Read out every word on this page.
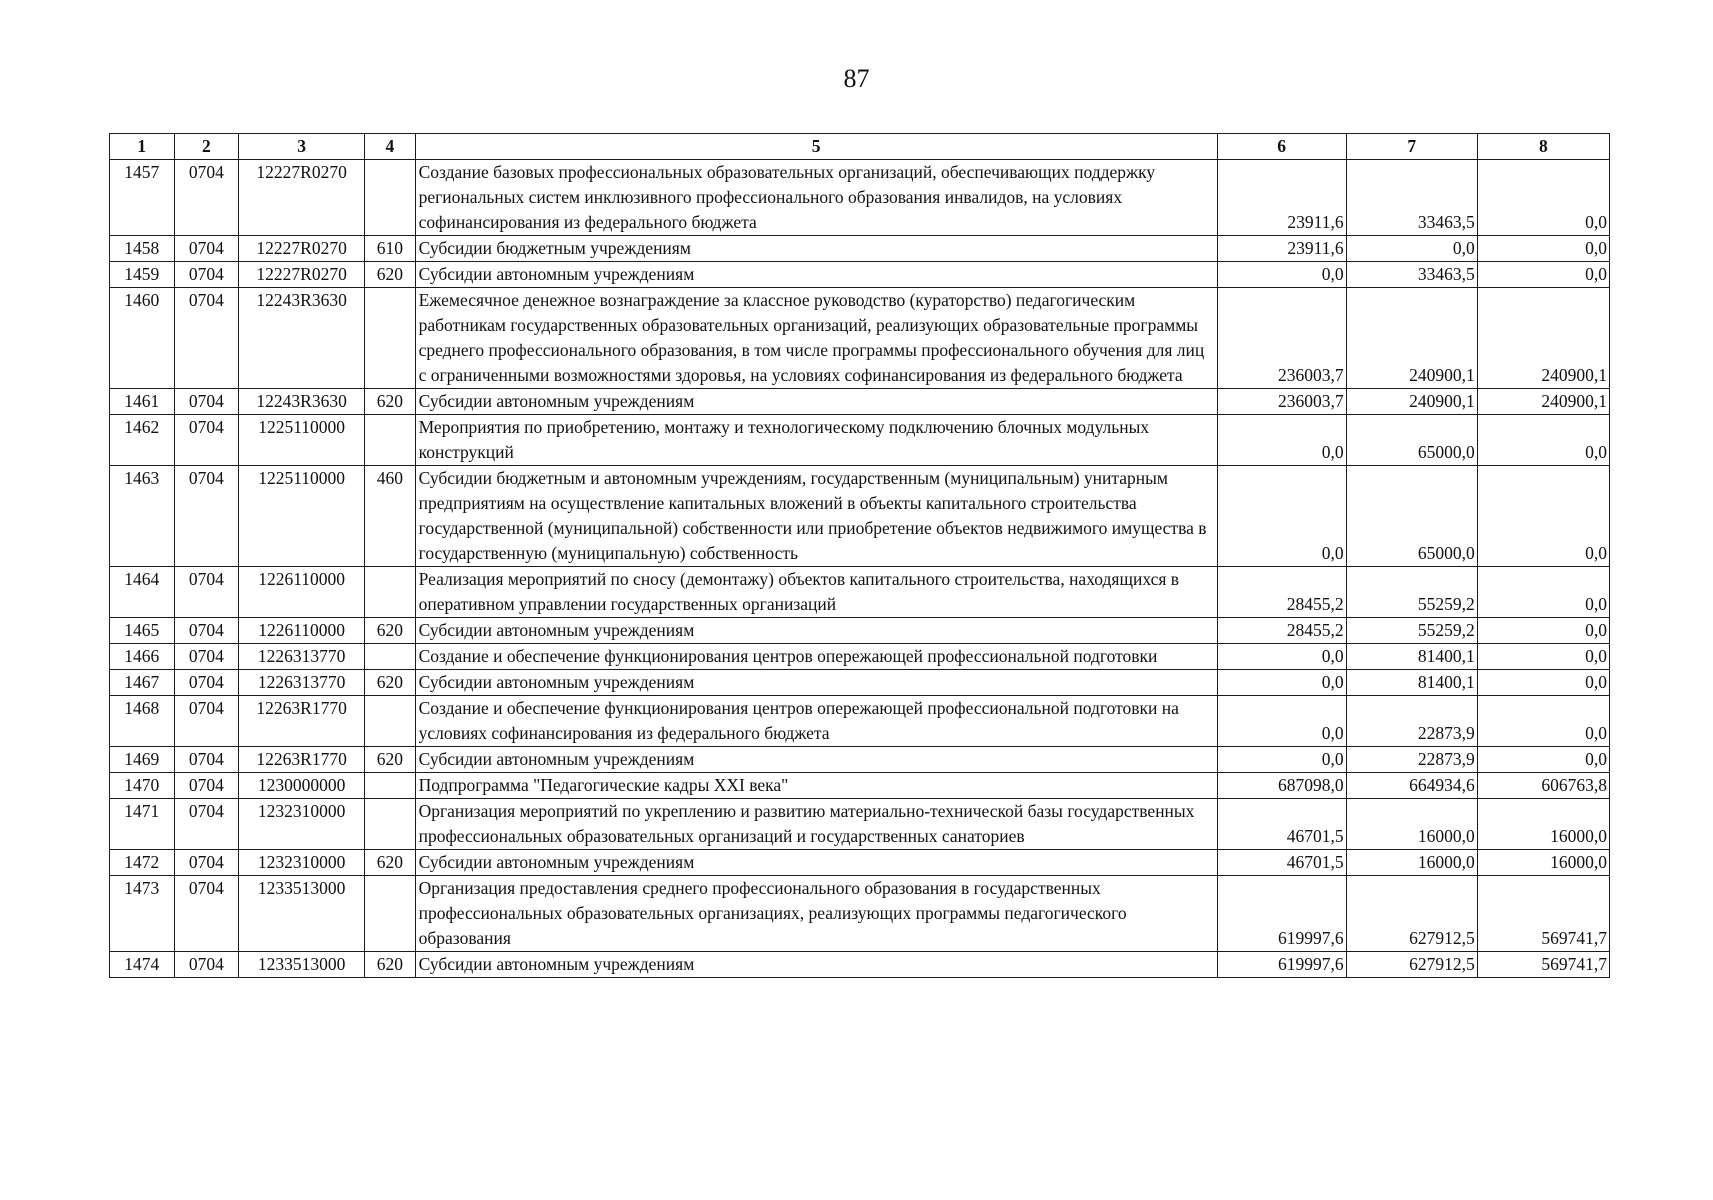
87
1	2	3	4	5	6	7	8
1457	0704	12227R0270		Создание базовых профессиональных образовательных организаций, обеспечивающих поддержку региональных систем инклюзивного профессионального образования инвалидов, на условиях софинансирования из федерального бюджета	23911,6	33463,5	0,0
1458	0704	12227R0270	610	Субсидии бюджетным учреждениям	23911,6	0,0	0,0
1459	0704	12227R0270	620	Субсидии автономным учреждениям	0,0	33463,5	0,0
1460	0704	12243R3630		Ежемесячное денежное вознаграждение за классное руководство (кураторство) педагогическим работникам государственных образовательных организаций, реализующих образовательные программы среднего профессионального образования, в том числе программы профессионального обучения для лиц с ограниченными возможностями здоровья, на условиях софинансирования из федерального бюджета	236003,7	240900,1	240900,1
1461	0704	12243R3630	620	Субсидии автономным учреждениям	236003,7	240900,1	240900,1
1462	0704	1225110000		Мероприятия по приобретению, монтажу и технологическому подключению блочных модульных конструкций	0,0	65000,0	0,0
1463	0704	1225110000	460	Субсидии бюджетным и автономным учреждениям, государственным (муниципальным) унитарным предприятиям на осуществление капитальных вложений в объекты капитального строительства государственной (муниципальной) собственности или приобретение объектов недвижимого имущества в государственную (муниципальную) собственность	0,0	65000,0	0,0
1464	0704	1226110000		Реализация мероприятий по сносу (демонтажу) объектов капитального строительства, находящихся в оперативном управлении государственных организаций	28455,2	55259,2	0,0
1465	0704	1226110000	620	Субсидии автономным учреждениям	28455,2	55259,2	0,0
1466	0704	1226313770		Создание и обеспечение функционирования центров опережающей профессиональной подготовки	0,0	81400,1	0,0
1467	0704	1226313770	620	Субсидии автономным учреждениям	0,0	81400,1	0,0
1468	0704	12263R1770		Создание и обеспечение функционирования центров опережающей профессиональной подготовки на условиях софинансирования из федерального бюджета	0,0	22873,9	0,0
1469	0704	12263R1770	620	Субсидии автономным учреждениям	0,0	22873,9	0,0
1470	0704	1230000000		Подпрограмма "Педагогические кадры XXI века"	687098,0	664934,6	606763,8
1471	0704	1232310000		Организация мероприятий по укреплению и развитию материально-технической базы государственных профессиональных образовательных организаций и государственных санаториев	46701,5	16000,0	16000,0
1472	0704	1232310000	620	Субсидии автономным учреждениям	46701,5	16000,0	16000,0
1473	0704	1233513000		Организация предоставления среднего профессионального образования в государственных профессиональных образовательных организациях, реализующих программы педагогического образования	619997,6	627912,5	569741,7
1474	0704	1233513000	620	Субсидии автономным учреждениям	619997,6	627912,5	569741,7
